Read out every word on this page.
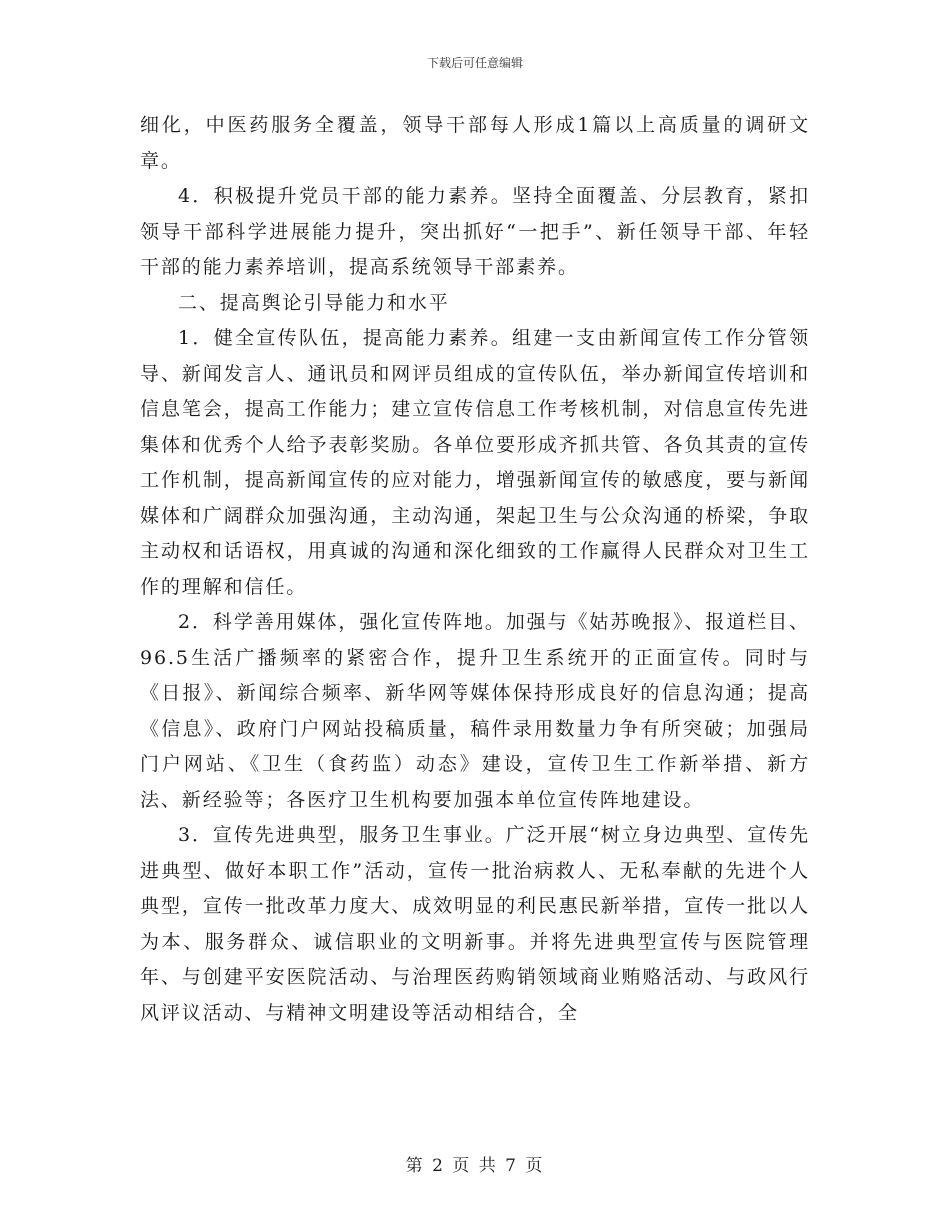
下载后可任意编辑

细化，中医药服务全覆盖，领导干部每人形成1篇以上高质量的调研文章。

4．积极提升党员干部的能力素养。坚持全面覆盖、分层教育，紧扣领导干部科学进展能力提升，突出抓好“一把手”、新任领导干部、年轻干部的能力素养培训，提高系统领导干部素养。

二、提高舆论引导能力和水平

1．健全宣传队伍，提高能力素养。组建一支由新闻宣传工作分管领导、新闻发言人、通讯员和网评员组成的宣传队伍，举办新闻宣传培训和信息笔会，提高工作能力；建立宣传信息工作考核机制，对信息宣传先进集体和优秀个人给予表彰奖励。各单位要形成齐抓共管、各负其责的宣传工作机制，提高新闻宣传的应对能力，增强新闻宣传的敏感度，要与新闻媒体和广阔群众加强沟通，主动沟通，架起卫生与公众沟通的桥梁，争取主动权和话语权，用真诚的沟通和深化细致的工作赢得人民群众对卫生工作的理解和信任。

2．科学善用媒体，强化宣传阵地。加强与《姑苏晚报》、报道栏目、96.5生活广播频率的紧密合作，提升卫生系统开的正面宣传。同时与《日报》、新闻综合频率、新华网等媒体保持形成良好的信息沟通；提高《信息》、政府门户网站投稿质量，稿件录用数量力争有所突破；加强局门户网站、《卫生（食药监）动态》建设，宣传卫生工作新举措、新方法、新经验等；各医疗卫生机构要加强本单位宣传阵地建设。

3．宣传先进典型，服务卫生事业。广泛开展“树立身边典型、宣传先进典型、做好本职工作”活动，宣传一批治病救人、无私奉献的先进个人典型，宣传一批改革力度大、成效明显的利民惠民新举措，宣传一批以人为本、服务群众、诚信职业的文明新事。并将先进典型宣传与医院管理年、与创建平安医院活动、与治理医药购销领域商业贿赂活动、与政风行风评议活动、与精神文明建设等活动相结合，全

第 2 页 共 7 页
